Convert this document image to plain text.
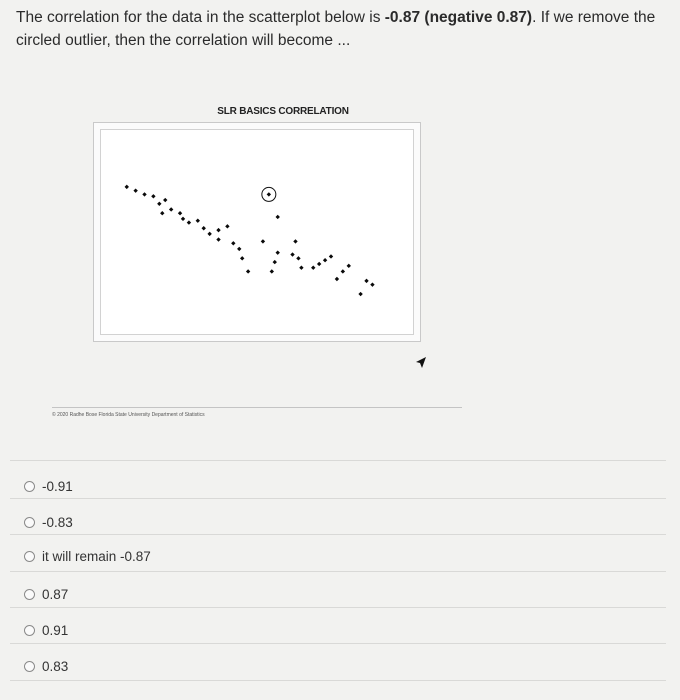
The correlation for the data in the scatterplot below is -0.87 (negative 0.87). If we remove the circled outlier, then the correlation will become ...
SLR BASICS CORRELATION
© 2020 Radhe Bose Florida State University Department of Statistics
-0.91
-0.83
it will remain -0.87
0.87
0.91
0.83
